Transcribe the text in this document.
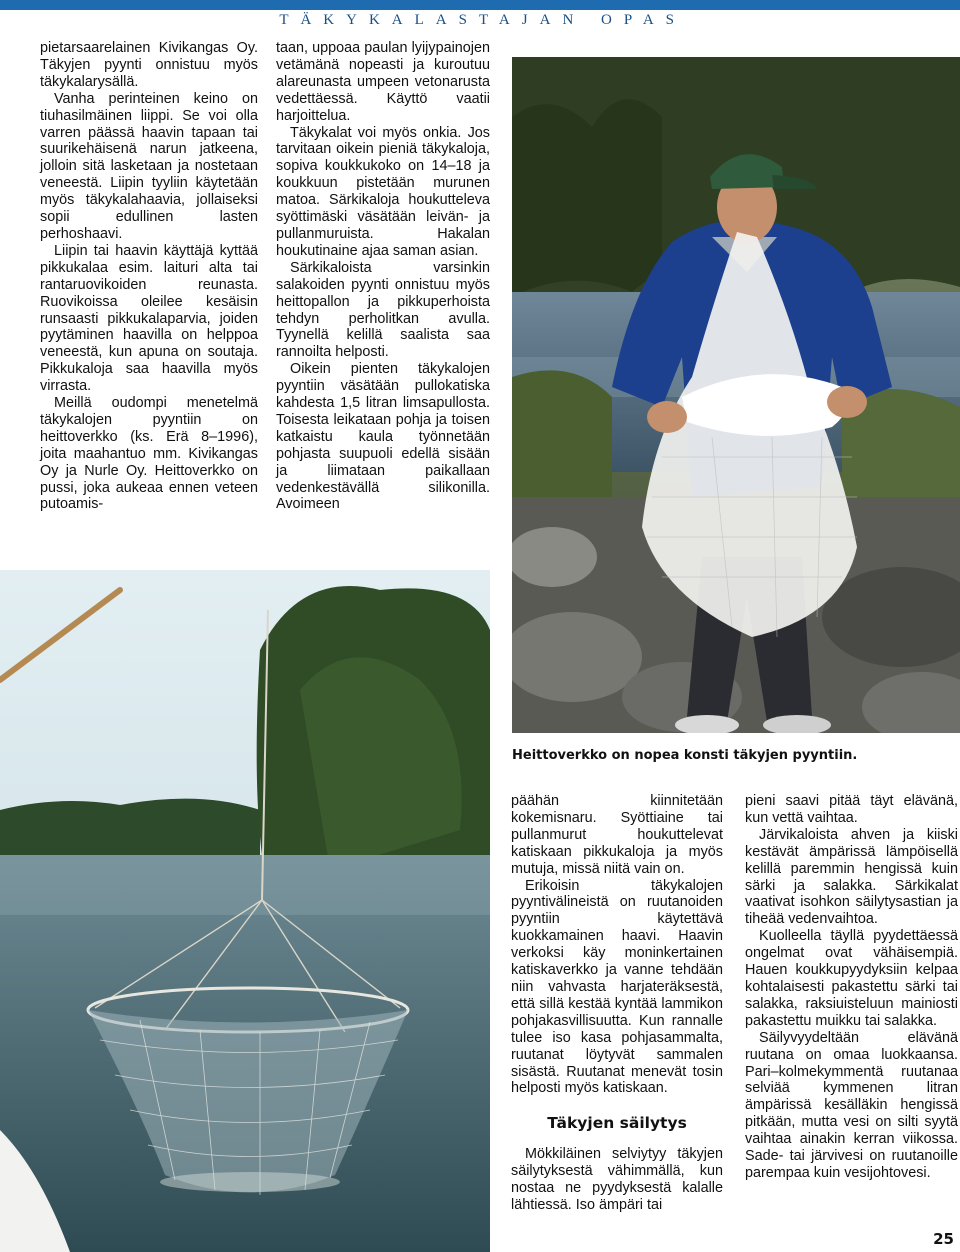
TÄKYKALASTAJAN OPAS

pietarsaarelainen Kivikangas Oy. Täkyjen pyynti onnistuu myös täkykalarysällä.

Vanha perinteinen keino on tiuhasilmäinen liippi. Se voi olla varren päässä haavin tapaan tai suurikehäisenä narun jatkeena, jolloin sitä lasketaan ja nostetaan veneestä. Liipin tyyliin käytetään myös täkykalahaavia, jollaiseksi sopii edullinen lasten perhoshaavi.

Liipin tai haavin käyttäjä kyttää pikkukalaa esim. laituri alta tai rantaruovikoiden reunasta. Ruovikoissa oleilee kesäisin runsaasti pikkukalaparvia, joiden pyytäminen haavilla on helppoa veneestä, kun apuna on soutaja. Pikkukaloja saa haavilla myös virrasta.

Meillä oudompi menetelmä täkykalojen pyyntiin on heittoverkko (ks. Erä 8–1996), joita maahantuo mm. Kivikangas Oy ja Nurle Oy. Heittoverkko on pussi, joka aukeaa ennen veteen putoamis-

taan, uppoaa paulan lyijypainojen vetämänä nopeasti ja kuroutuu alareunasta umpeen vetonarusta vedettäessä. Käyttö vaatii harjoittelua.

Täkykalat voi myös onkia. Jos tarvitaan oikein pieniä täkykaloja, sopiva koukkukoko on 14–18 ja koukkuun pistetään murunen matoa. Särkikaloja houkutteleva syöttimäski väsätään leivän- ja pullanmuruista. Hakalan houkutinaine ajaa saman asian.

Särkikaloista varsinkin salakoiden pyynti onnistuu myös heittopallon ja pikkuperhoista tehdyn perholitkan avulla. Tyynellä kelillä saalista saa rannoilta helposti.

Oikein pienten täkykalojen pyyntiin väsätään pullokatiska kahdesta 1,5 litran limsapullosta. Toisesta leikataan pohja ja toisen katkaistu kaula työnnetään pohjasta suupuoli edellä sisään ja liimataan paikallaan vedenkestävällä silikonilla. Avoimeen

Heittoverkko on nopea konsti täkyjen pyyntiin.

päähän kiinnitetään kokemisnaru. Syöttiaine tai pullanmurut houkuttelevat katiskaan pikkukaloja ja myös mutuja, missä niitä vain on.

Erikoisin täkykalojen pyyntivälineistä on ruutanoiden pyyntiin käytettävä kuokkamainen haavi. Haavin verkoksi käy moninkertainen katiskaverkko ja vanne tehdään niin vahvasta harjateräksestä, että sillä kestää kyntää lammikon pohjakasvillisuutta. Kun rannalle tulee iso kasa pohjasammalta, ruutanat löytyvät sammalen sisästä. Ruutanat menevät tosin helposti myös katiskaan.

Täkyjen säilytys

Mökkiläinen selviytyy täkyjen säilytyksestä vähimmällä, kun nostaa ne pyydyksestä kalalle lähtiessä. Iso ämpäri tai

pieni saavi pitää täyt elävänä, kun vettä vaihtaa.

Järvikaloista ahven ja kiiski kestävät ämpärissä lämpöisellä kelillä paremmin hengissä kuin särki ja salakka. Särkikalat vaativat isohkon säilytysastian ja tiheää vedenvaihtoa.

Kuolleella täyllä pyydettäessä ongelmat ovat vähäisempiä. Hauen koukkupyydyksiin kelpaa kohtalaisesti pakastettu särki tai salakka, raksiuisteluun mainiosti pakastettu muikku tai salakka.

Säilyvyydeltään elävänä ruutana on omaa luokkaansa. Pari–kolmekymmentä ruutanaa selviää kymmenen litran ämpärissä kesälläkin hengissä pitkään, mutta vesi on silti syytä vaihtaa ainakin kerran viikossa. Sade- tai järvivesi on ruutanoille parempaa kuin vesijohtovesi.

25
